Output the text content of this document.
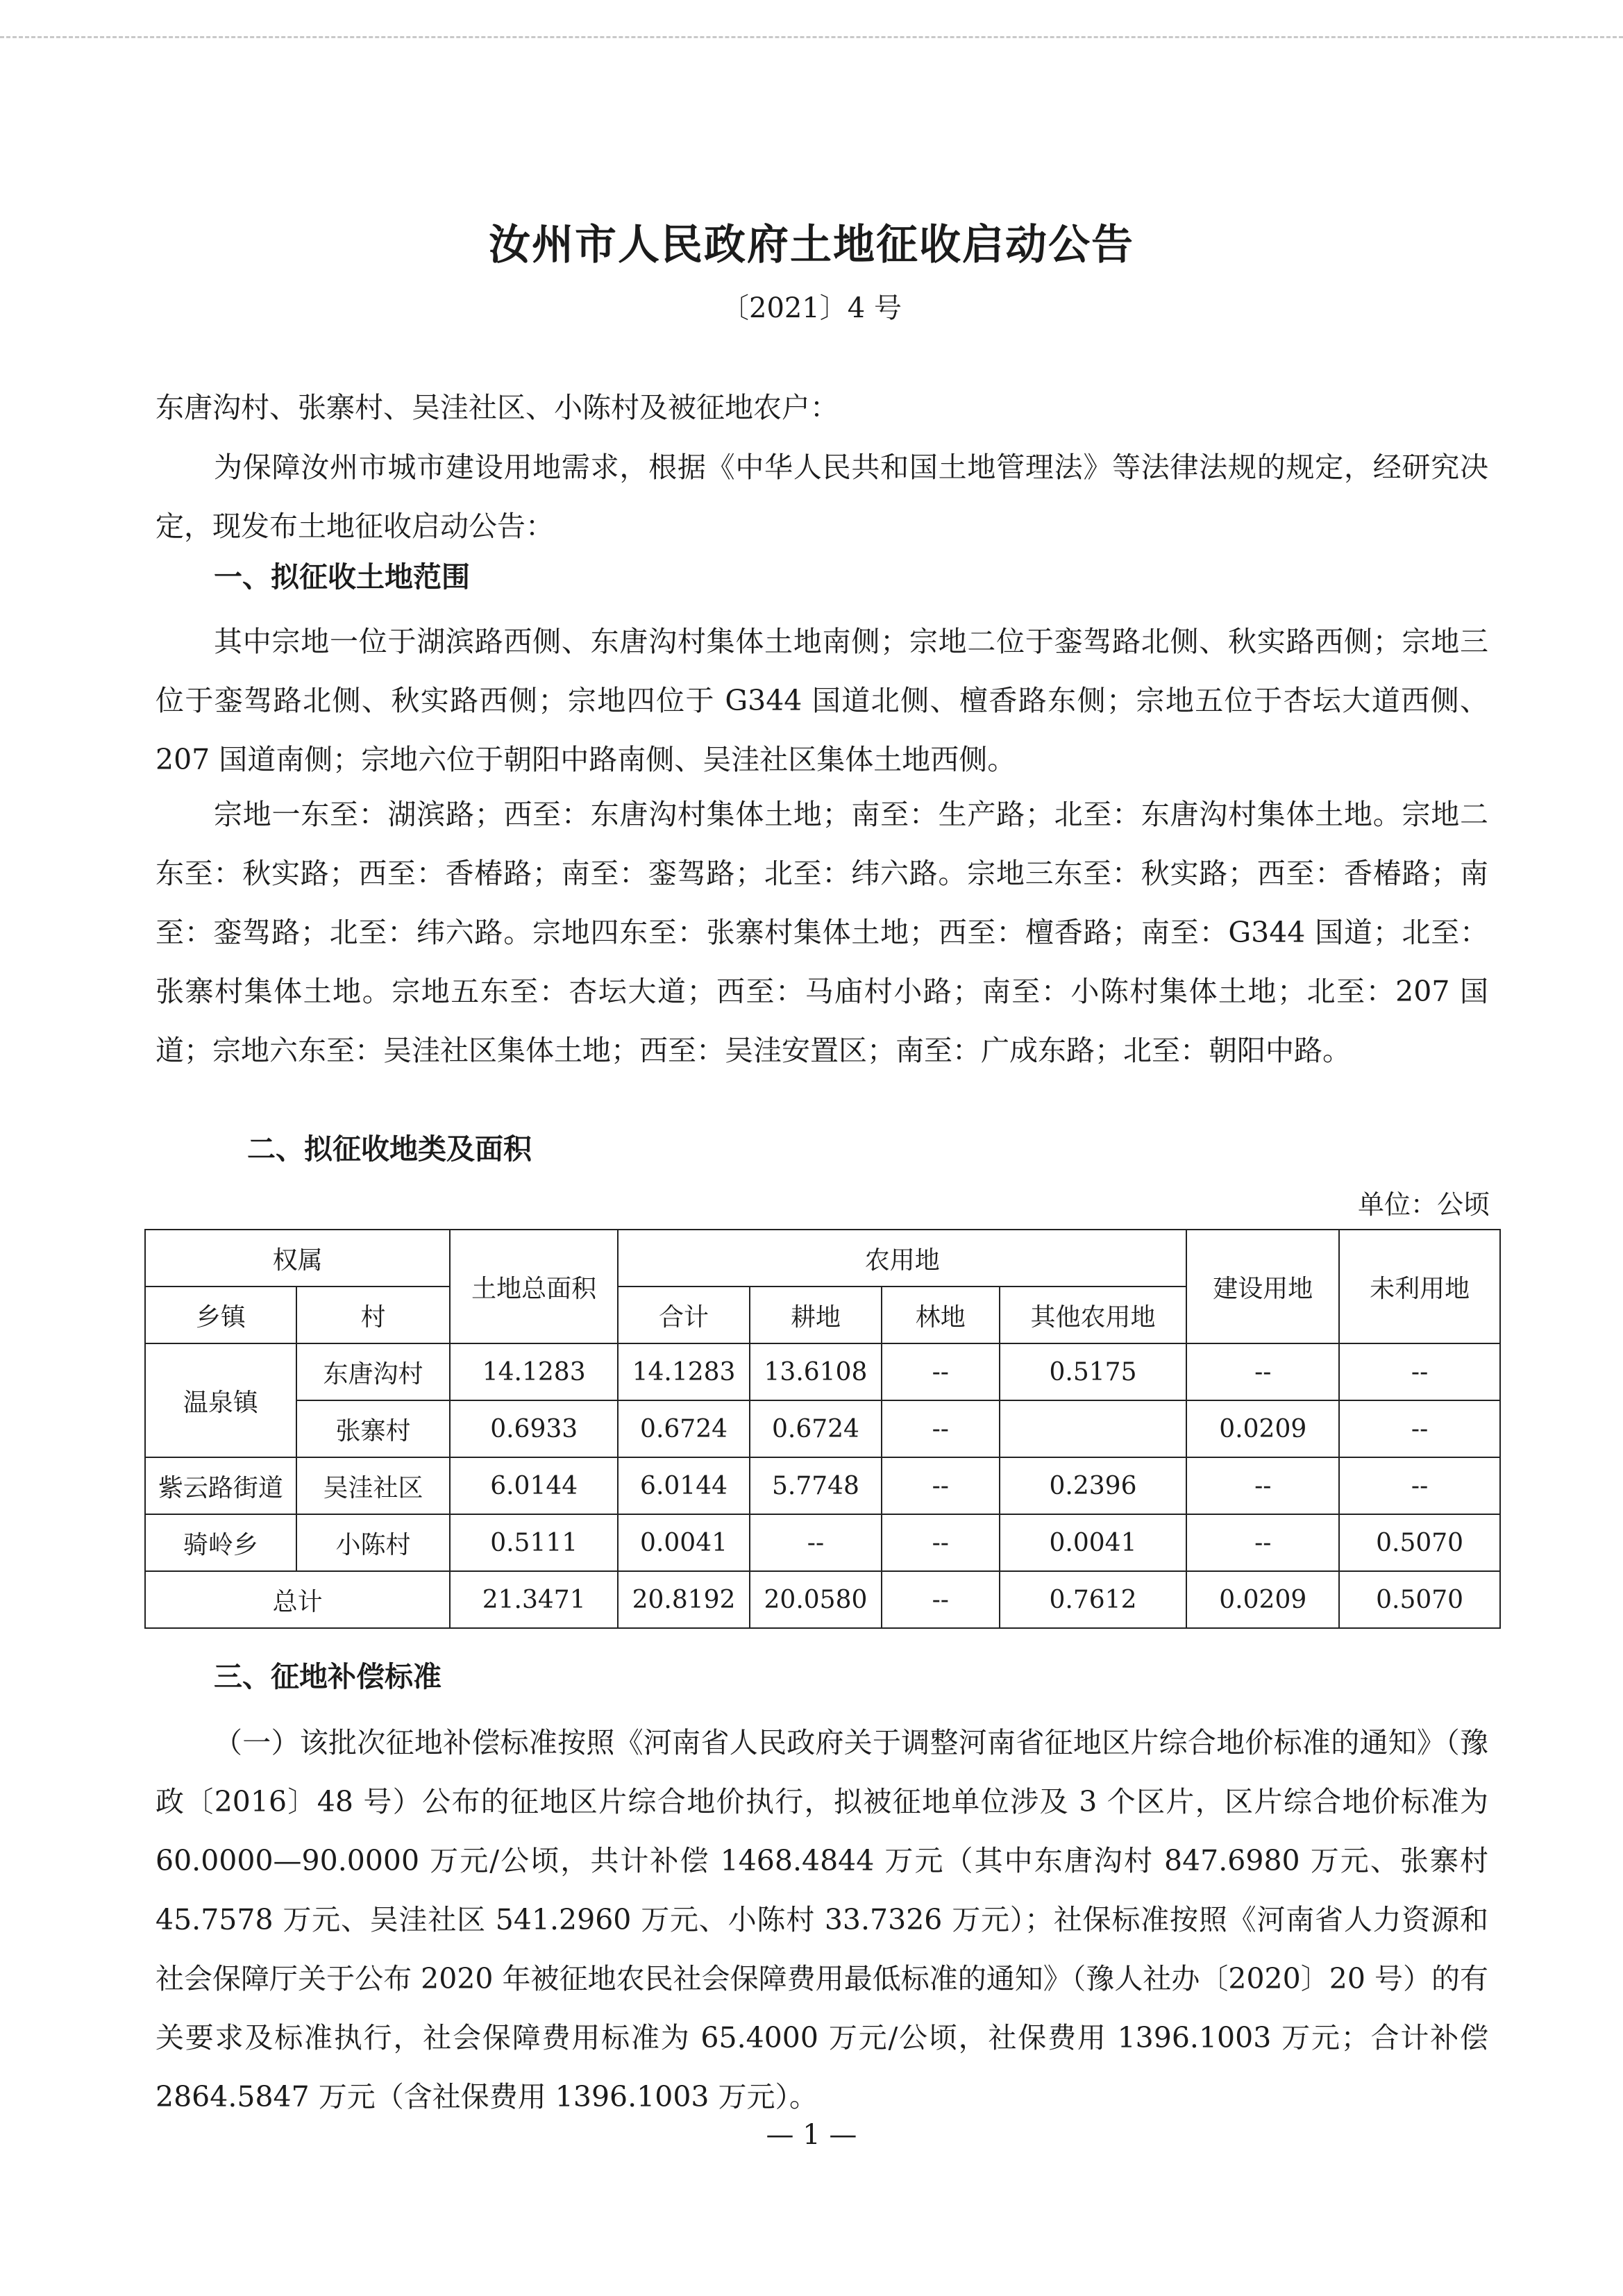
汝州市人民政府土地征收启动公告
〔2021〕4 号

东唐沟村、张寨村、吴洼社区、小陈村及被征地农户：

为保障汝州市城市建设用地需求，根据《中华人民共和国土地管理法》等法律法规的规定，经研究决定，现发布土地征收启动公告：

一、拟征收土地范围

其中宗地一位于湖滨路西侧、东唐沟村集体土地南侧；宗地二位于銮驾路北侧、秋实路西侧；宗地三位于銮驾路北侧、秋实路西侧；宗地四位于 G344 国道北侧、檀香路东侧；宗地五位于杏坛大道西侧、207 国道南侧；宗地六位于朝阳中路南侧、吴洼社区集体土地西侧。

宗地一东至：湖滨路；西至：东唐沟村集体土地；南至：生产路；北至：东唐沟村集体土地。宗地二东至：秋实路；西至：香椿路；南至：銮驾路；北至：纬六路。宗地三东至：秋实路；西至：香椿路；南至：銮驾路；北至：纬六路。宗地四东至：张寨村集体土地；西至：檀香路；南至：G344 国道；北至：张寨村集体土地。宗地五东至：杏坛大道；西至：马庙村小路；南至：小陈村集体土地；北至：207 国道；宗地六东至：吴洼社区集体土地；西至：吴洼安置区；南至：广成东路；北至：朝阳中路。

二、拟征收地类及面积

单位：公顷
权属		土地总面积	农用地				建设用地	未利用地
乡镇	村		合计	耕地	林地	其他农用地		
温泉镇	东唐沟村	14.1283	14.1283	13.6108	--	0.5175	--	--
	张寨村	0.6933	0.6724	0.6724	--		0.0209	--
紫云路街道	吴洼社区	6.0144	6.0144	5.7748	--	0.2396	--	--
骑岭乡	小陈村	0.5111	0.0041	--	--	0.0041	--	0.5070
总计		21.3471	20.8192	20.0580	--	0.7612	0.0209	0.5070

三、征地补偿标准

（一）该批次征地补偿标准按照《河南省人民政府关于调整河南省征地区片综合地价标准的通知》（豫政〔2016〕48 号）公布的征地区片综合地价执行，拟被征地单位涉及 3 个区片，区片综合地价标准为 60.0000—90.0000 万元/公顷，共计补偿 1468.4844 万元（其中东唐沟村 847.6980 万元、张寨村 45.7578 万元、吴洼社区 541.2960 万元、小陈村 33.7326 万元）；社保标准按照《河南省人力资源和社会保障厅关于公布 2020 年被征地农民社会保障费用最低标准的通知》（豫人社办〔2020〕20 号）的有关要求及标准执行，社会保障费用标准为 65.4000 万元/公顷，社保费用 1396.1003 万元；合计补偿 2864.5847 万元（含社保费用 1396.1003 万元）。

— 1 —
